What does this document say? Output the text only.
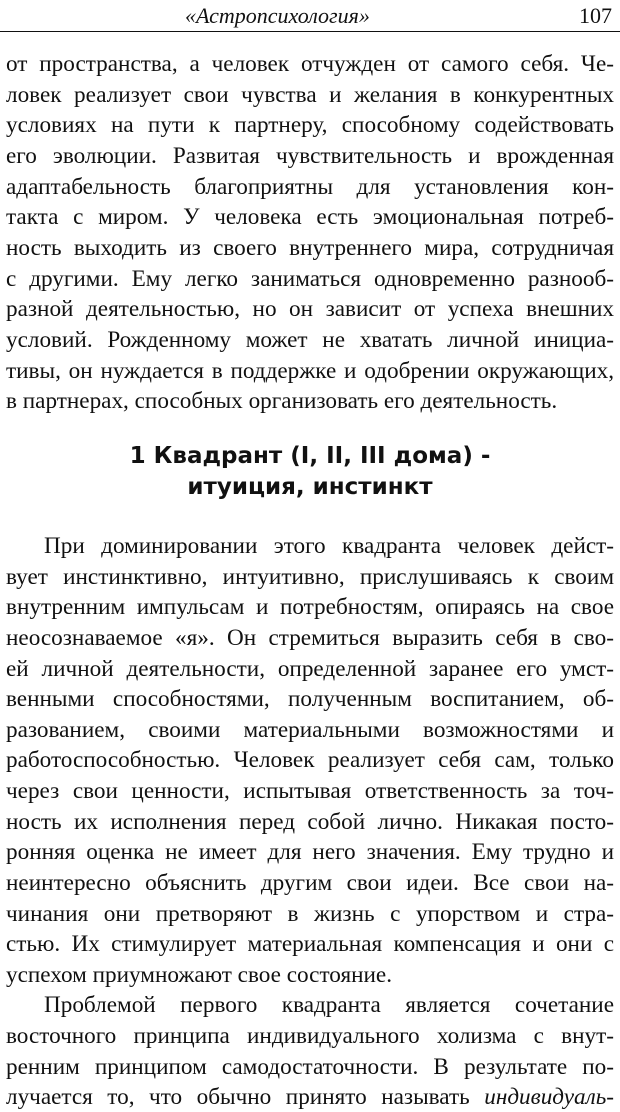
«Астропсихология»	107
от пространства, а человек отчужден от самого себя. Че-
ловек реализует свои чувства и желания в конкурентных
условиях на пути к партнеру, способному содействовать
его эволюции. Развитая чувствительность и врожденная
адаптабельность благоприятны для установления кон-
такта с миром. У человека есть эмоциональная потреб-
ность выходить из своего внутреннего мира, сотрудничая
с другими. Ему легко заниматься одновременно разнооб-
разной деятельностью, но он зависит от успеха внешних
условий. Рожденному может не хватать личной инициа-
тивы, он нуждается в поддержке и одобрении окружающих,
в партнерах, способных организовать его деятельность.
1 Квадрант (I, II, III дома) -
итуиция, инстинкт
При доминировании этого квадранта человек дейст-
вует инстинктивно, интуитивно, прислушиваясь к своим
внутренним импульсам и потребностям, опираясь на свое
неосознаваемое «я». Он стремиться выразить себя в сво-
ей личной деятельности, определенной заранее его умст-
венными способностями, полученным воспитанием, об-
разованием, своими материальными возможностями и
работоспособностью. Человек реализует себя сам, только
через свои ценности, испытывая ответственность за точ-
ность их исполнения перед собой лично. Никакая посто-
ронняя оценка не имеет для него значения. Ему трудно и
неинтересно объяснить другим свои идеи. Все свои на-
чинания они претворяют в жизнь с упорством и стра-
стью. Их стимулирует материальная компенсация и они с
успехом приумножают свое состояние.
Проблемой первого квадранта является сочетание
восточного принципа индивидуального холизма с внут-
ренним принципом самодостаточности. В результате по-
лучается то, что обычно принято называть индивидуаль-
